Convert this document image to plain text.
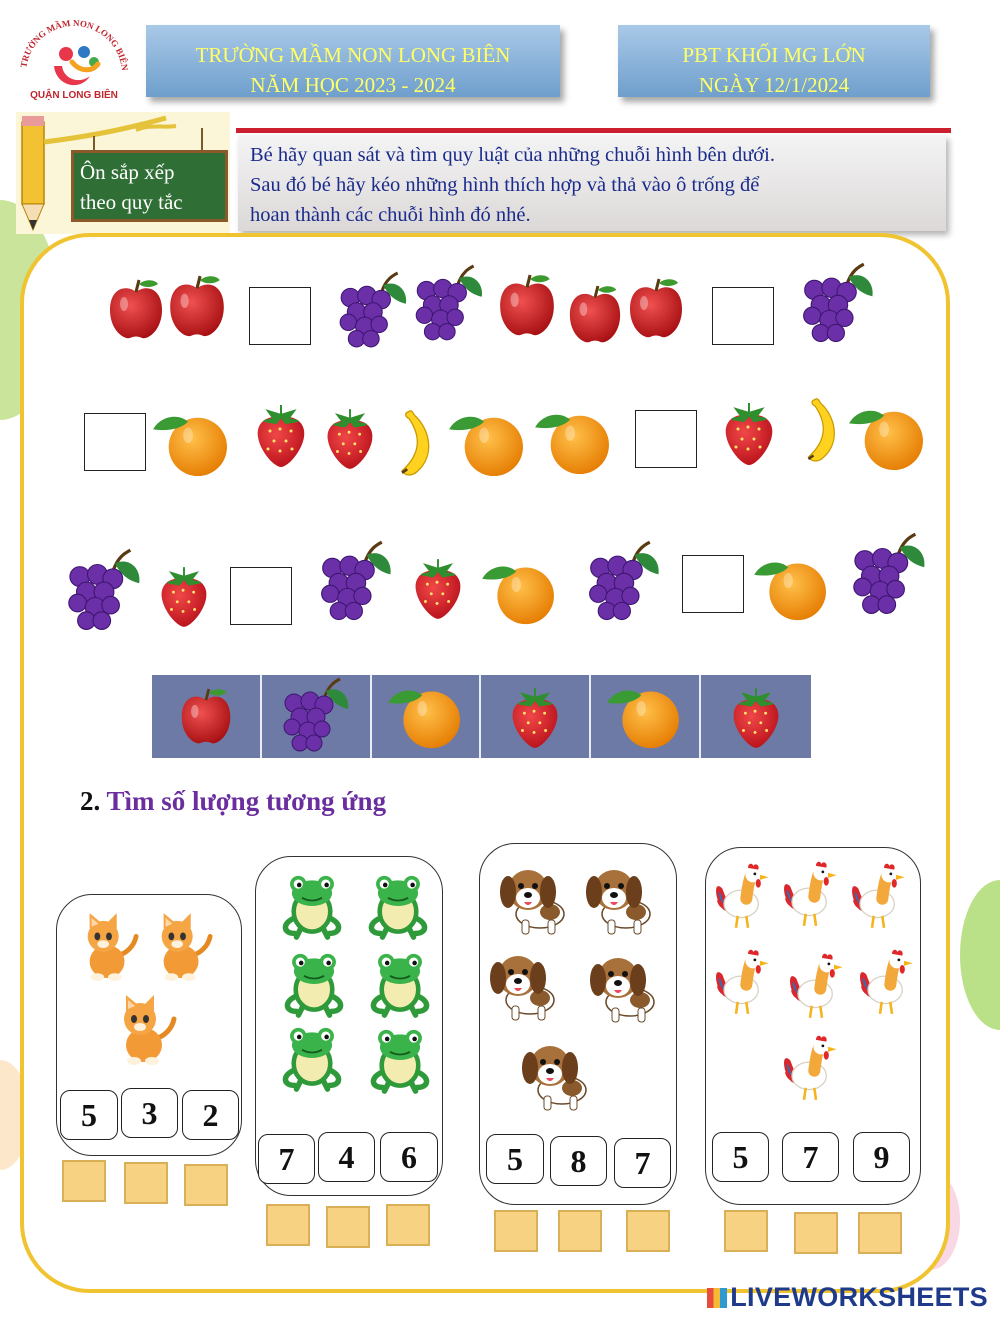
TRƯỜNG MẦM NON LONG BIÊN
QUẬN LONG BIÊN
TRƯỜNG MẦM NON LONG BIÊN
NĂM HỌC 2023 - 2024
PBT KHỐI MG LỚN
NGÀY 12/1/2024
Ôn sắp xếp
theo quy tắc
Bé hãy quan sát và tìm quy luật của những chuỗi hình bên dưới.
Sau đó bé hãy kéo những hình thích hợp và thả vào ô trống để
hoan thành các chuỗi hình đó nhé.
2. Tìm số lượng tương ứng
5	3	2
7	4	6	5	8	7	5	7	9
LIVEWORKSHEETS
